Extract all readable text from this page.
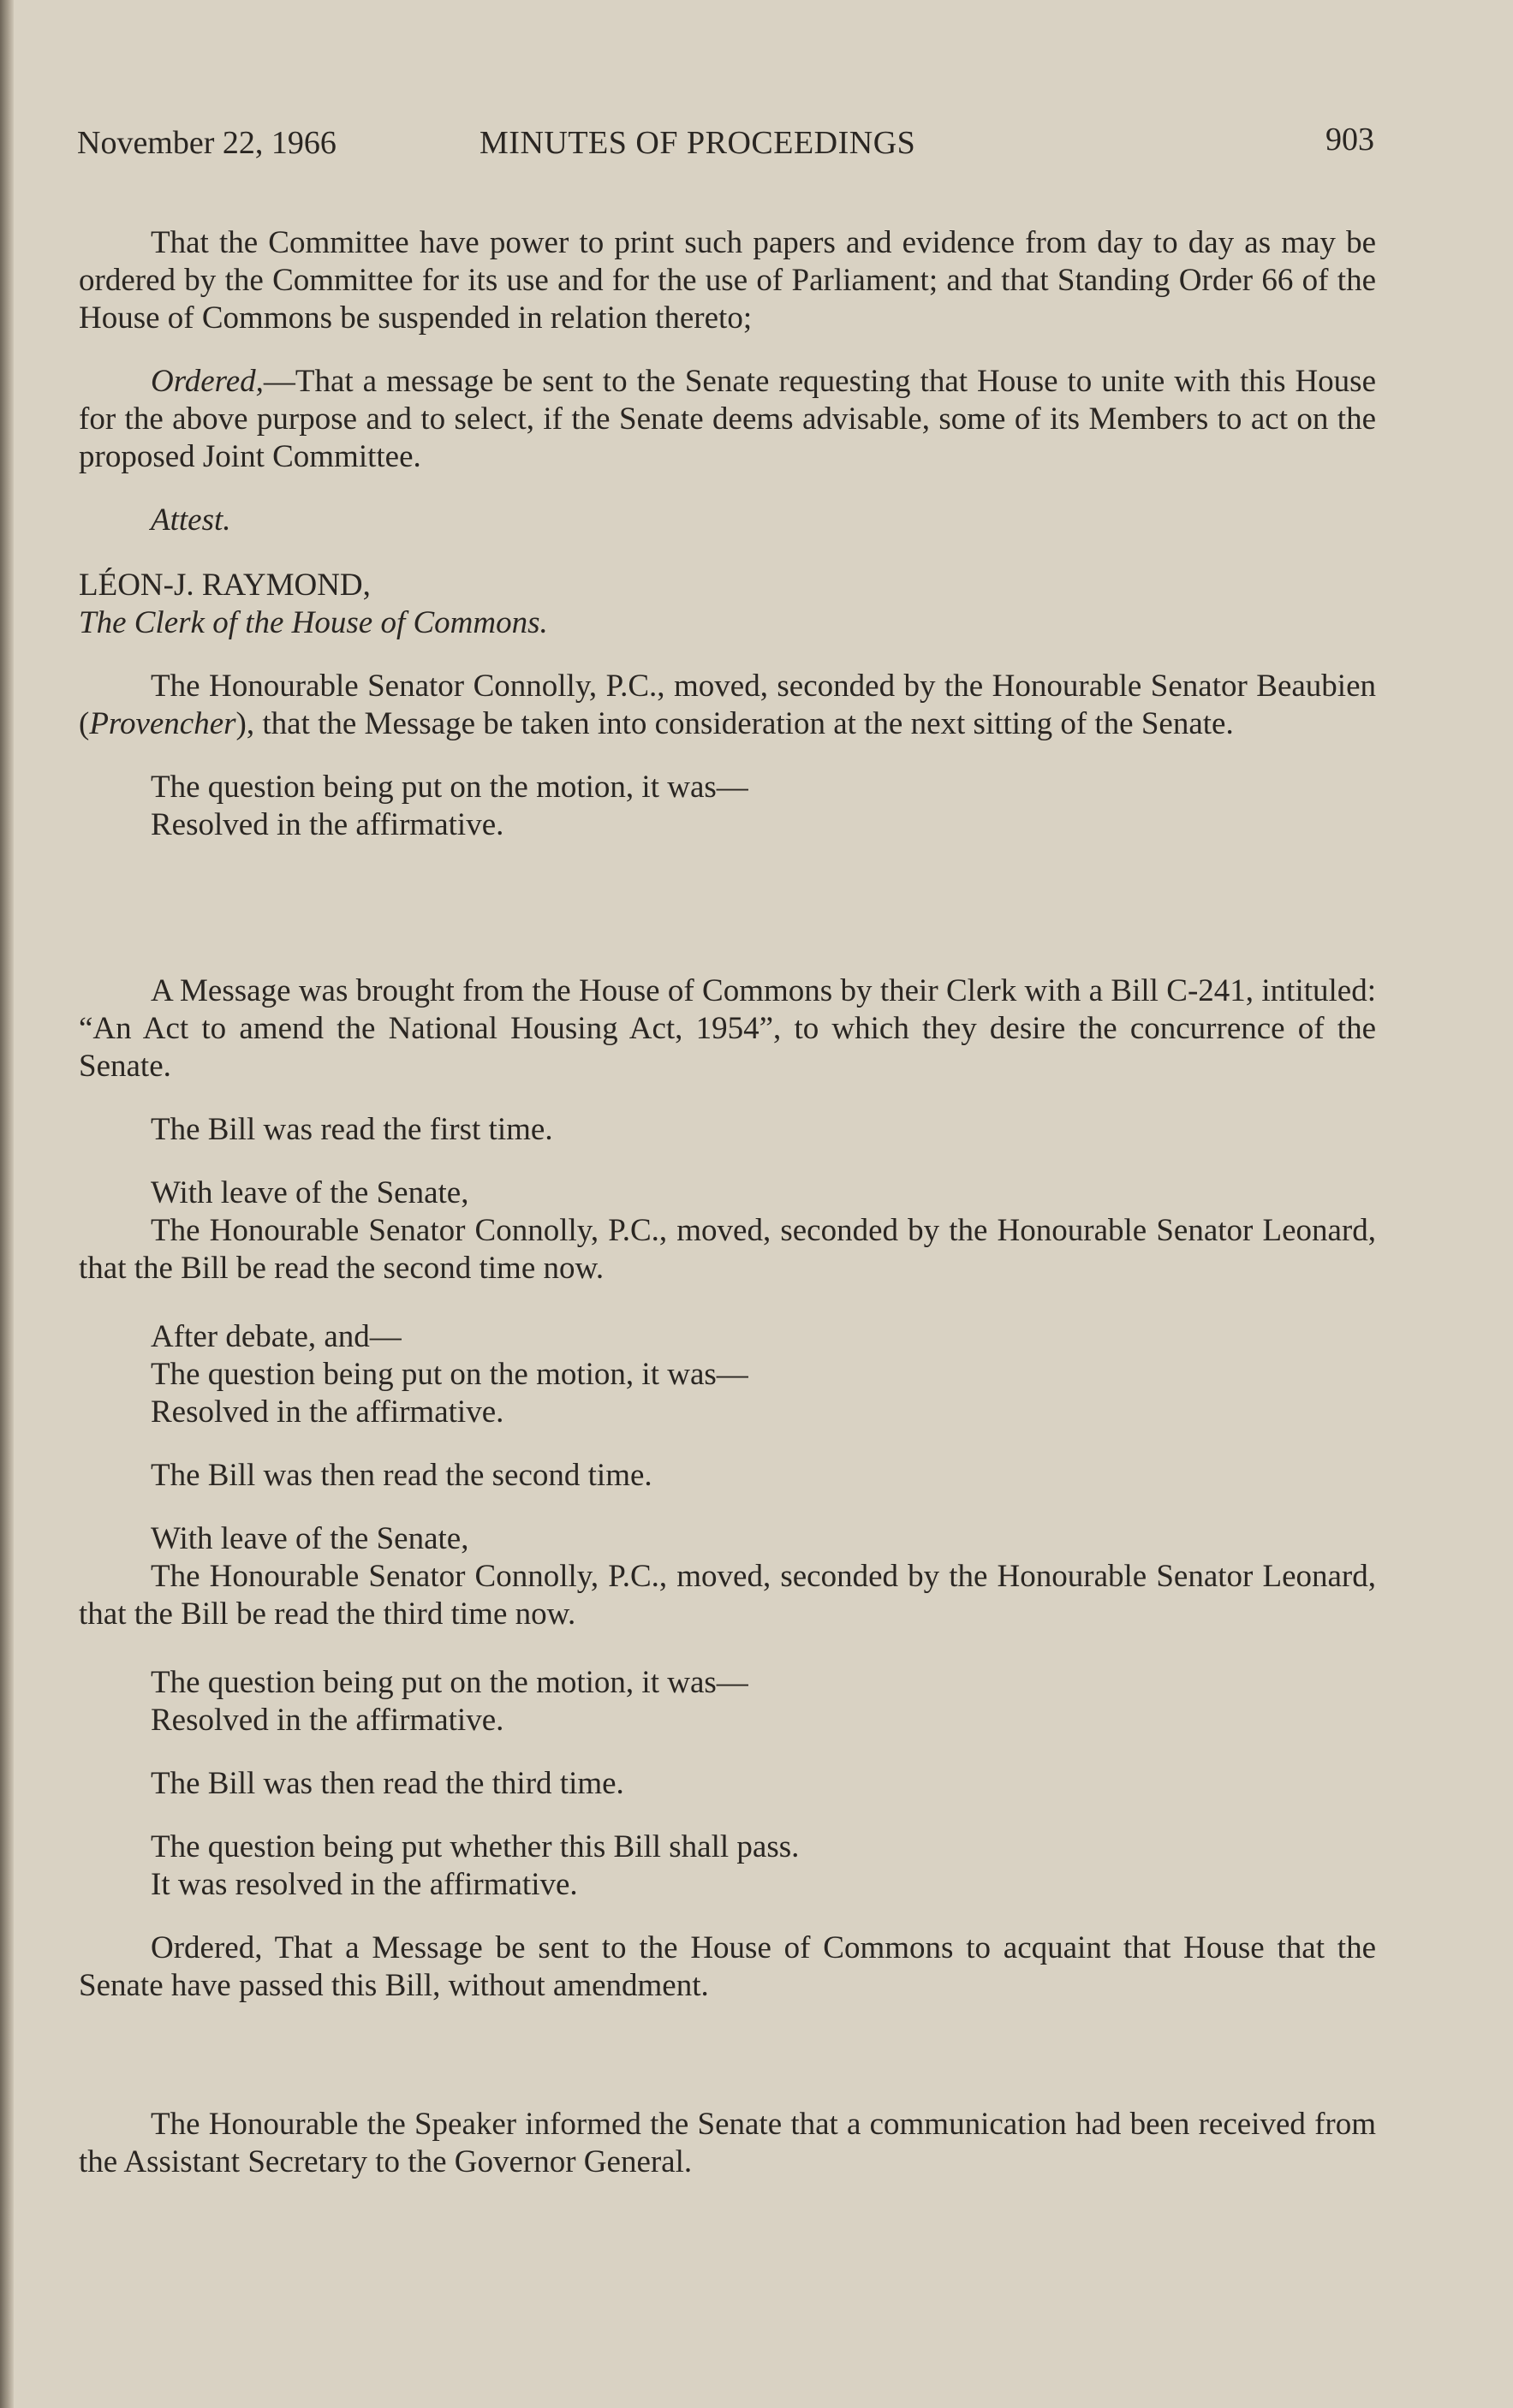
November 22, 1966	MINUTES OF PROCEEDINGS	903

That the Committee have power to print such papers and evidence from day to day as may be ordered by the Committee for its use and for the use of Parliament; and that Standing Order 66 of the House of Commons be suspended in relation thereto;

Ordered,—That a message be sent to the Senate requesting that House to unite with this House for the above purpose and to select, if the Senate deems advisable, some of its Members to act on the proposed Joint Committee.

Attest.

LÉON-J. RAYMOND,

The Clerk of the House of Commons.

The Honourable Senator Connolly, P.C., moved, seconded by the Honourable Senator Beaubien (Provencher), that the Message be taken into consideration at the next sitting of the Senate.

The question being put on the motion, it was—

Resolved in the affirmative.

A Message was brought from the House of Commons by their Clerk with a Bill C-241, intituled: “An Act to amend the National Housing Act, 1954”, to which they desire the concurrence of the Senate.

The Bill was read the first time.

With leave of the Senate,

The Honourable Senator Connolly, P.C., moved, seconded by the Honourable Senator Leonard, that the Bill be read the second time now.

After debate, and—

The question being put on the motion, it was—

Resolved in the affirmative.

The Bill was then read the second time.

With leave of the Senate,

The Honourable Senator Connolly, P.C., moved, seconded by the Honourable Senator Leonard, that the Bill be read the third time now.

The question being put on the motion, it was—

Resolved in the affirmative.

The Bill was then read the third time.

The question being put whether this Bill shall pass.

It was resolved in the affirmative.

Ordered, That a Message be sent to the House of Commons to acquaint that House that the Senate have passed this Bill, without amendment.

The Honourable the Speaker informed the Senate that a communication had been received from the Assistant Secretary to the Governor General.
